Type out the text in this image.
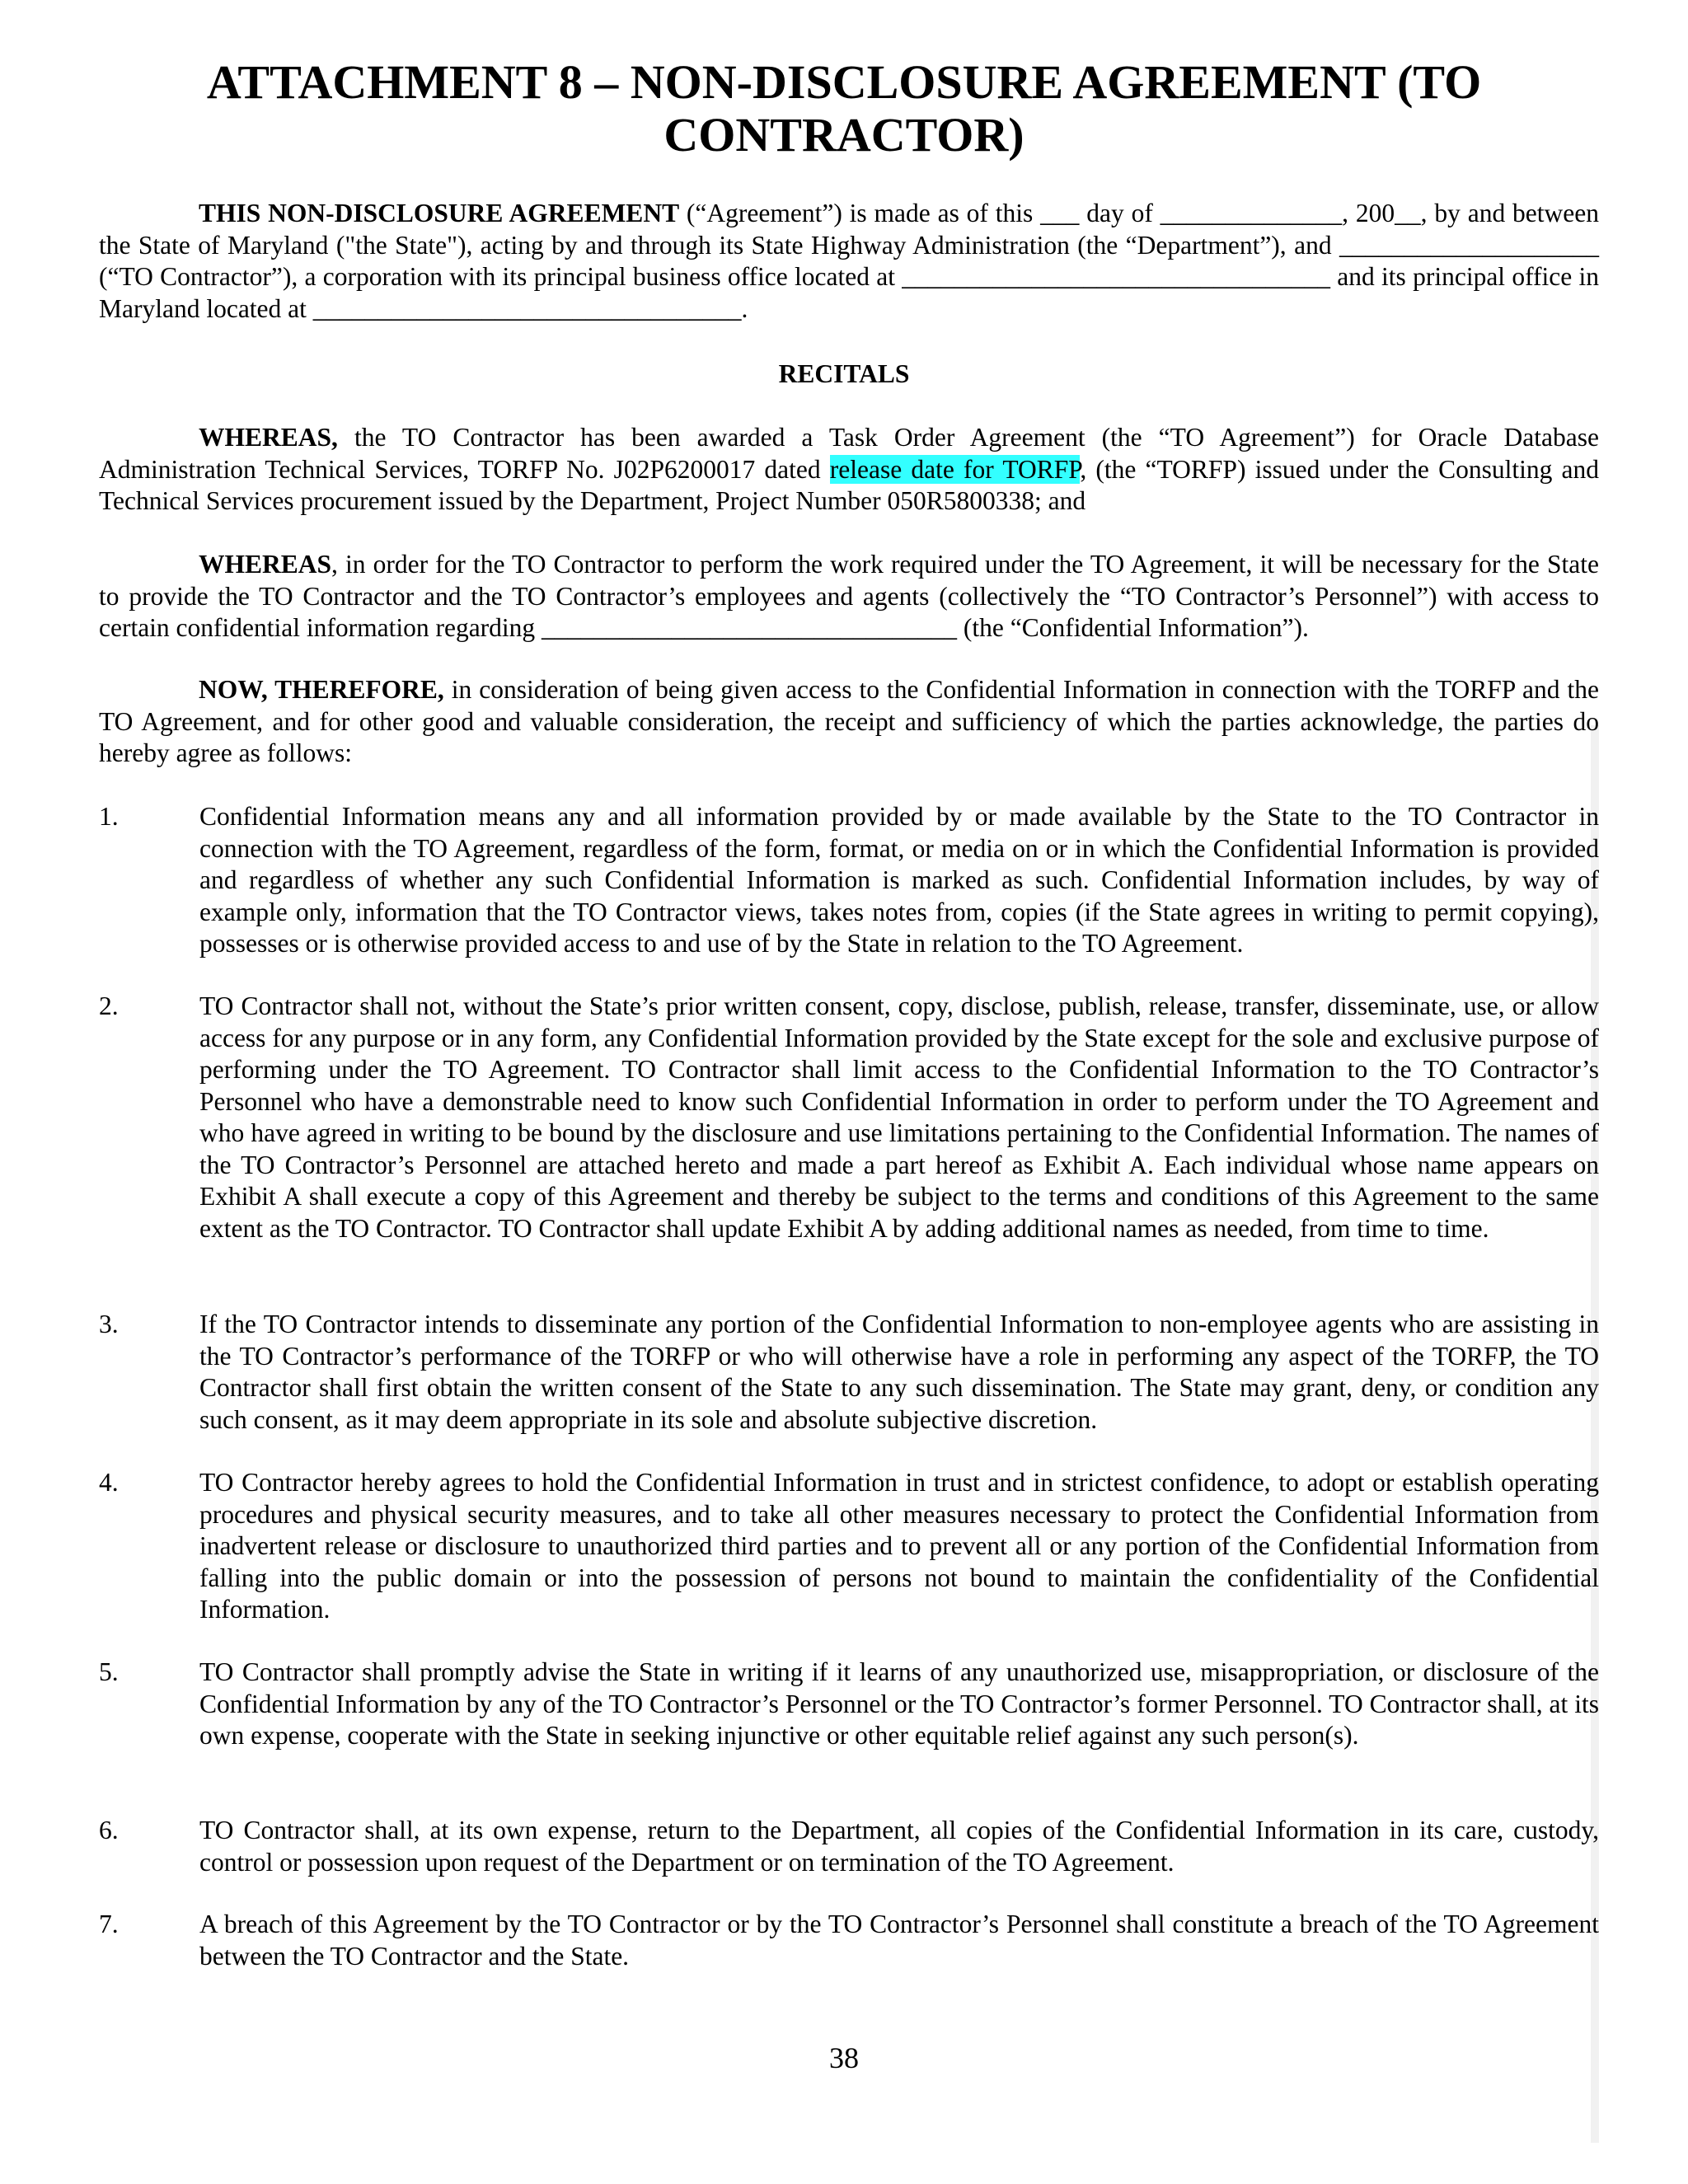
ATTACHMENT 8 – NON-DISCLOSURE AGREEMENT (TO CONTRACTOR)
THIS NON-DISCLOSURE AGREEMENT (“Agreement”) is made as of this ___ day of ______________, 200__, by and between the State of Maryland ("the State"), acting by and through its State Highway Administration (the “Department”), and ____________________ (“TO Contractor”), a corporation with its principal business office located at _________________________________ and its principal office in Maryland located at _________________________________.
RECITALS
WHEREAS, the TO Contractor has been awarded a Task Order Agreement (the “TO Agreement”) for Oracle Database Administration Technical Services, TORFP No. J02P6200017 dated release date for TORFP, (the “TORFP) issued under the Consulting and Technical Services procurement issued by the Department, Project Number 050R5800338; and
WHEREAS, in order for the TO Contractor to perform the work required under the TO Agreement, it will be necessary for the State to provide the TO Contractor and the TO Contractor’s employees and agents (collectively the “TO Contractor’s Personnel”) with access to certain confidential information regarding ________________________________ (the “Confidential Information”).
NOW, THEREFORE, in consideration of being given access to the Confidential Information in connection with the TORFP and the TO Agreement, and for other good and valuable consideration, the receipt and sufficiency of which the parties acknowledge, the parties do hereby agree as follows:
1.	Confidential Information means any and all information provided by or made available by the State to the TO Contractor in connection with the TO Agreement, regardless of the form, format, or media on or in which the Confidential Information is provided and regardless of whether any such Confidential Information is marked as such. Confidential Information includes, by way of example only, information that the TO Contractor views, takes notes from, copies (if the State agrees in writing to permit copying), possesses or is otherwise provided access to and use of by the State in relation to the TO Agreement.
2.	TO Contractor shall not, without the State’s prior written consent, copy, disclose, publish, release, transfer, disseminate, use, or allow access for any purpose or in any form, any Confidential Information provided by the State except for the sole and exclusive purpose of performing under the TO Agreement. TO Contractor shall limit access to the Confidential Information to the TO Contractor’s Personnel who have a demonstrable need to know such Confidential Information in order to perform under the TO Agreement and who have agreed in writing to be bound by the disclosure and use limitations pertaining to the Confidential Information. The names of the TO Contractor’s Personnel are attached hereto and made a part hereof as Exhibit A. Each individual whose name appears on Exhibit A shall execute a copy of this Agreement and thereby be subject to the terms and conditions of this Agreement to the same extent as the TO Contractor. TO Contractor shall update Exhibit A by adding additional names as needed, from time to time.
3.	If the TO Contractor intends to disseminate any portion of the Confidential Information to non-employee agents who are assisting in the TO Contractor’s performance of the TORFP or who will otherwise have a role in performing any aspect of the TORFP, the TO Contractor shall first obtain the written consent of the State to any such dissemination. The State may grant, deny, or condition any such consent, as it may deem appropriate in its sole and absolute subjective discretion.
4.	TO Contractor hereby agrees to hold the Confidential Information in trust and in strictest confidence, to adopt or establish operating procedures and physical security measures, and to take all other measures necessary to protect the Confidential Information from inadvertent release or disclosure to unauthorized third parties and to prevent all or any portion of the Confidential Information from falling into the public domain or into the possession of persons not bound to maintain the confidentiality of the Confidential Information.
5.	TO Contractor shall promptly advise the State in writing if it learns of any unauthorized use, misappropriation, or disclosure of the Confidential Information by any of the TO Contractor’s Personnel or the TO Contractor’s former Personnel. TO Contractor shall, at its own expense, cooperate with the State in seeking injunctive or other equitable relief against any such person(s).
6.	TO Contractor shall, at its own expense, return to the Department, all copies of the Confidential Information in its care, custody, control or possession upon request of the Department or on termination of the TO Agreement.
7.	A breach of this Agreement by the TO Contractor or by the TO Contractor’s Personnel shall constitute a breach of the TO Agreement between the TO Contractor and the State.
38
